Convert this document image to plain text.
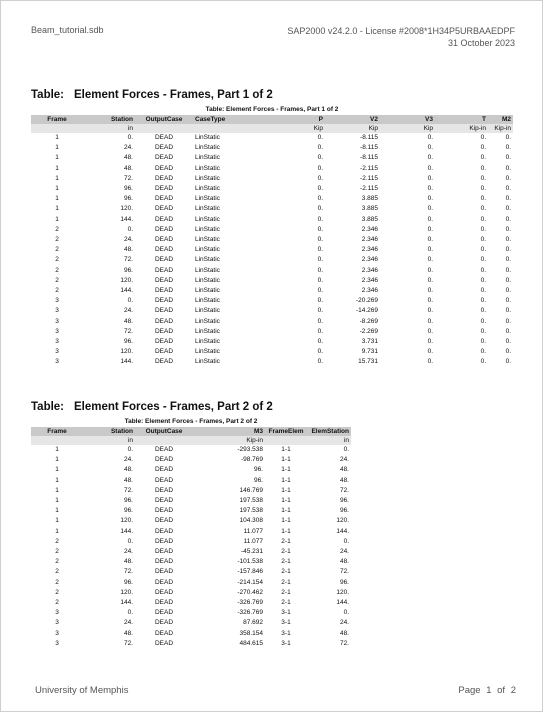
Beam_tutorial.sdb	SAP2000 v24.2.0 - License #2008*1H34P5URBAAEDPF
31 October 2023
Table: Element Forces - Frames, Part 1 of 2
Table: Element Forces - Frames, Part 1 of 2
Frame	Station	OutputCase	CaseType	P	V2	V3	T	M2
	in			Kip	Kip	Kip	Kip-in	Kip-in
1	0.	DEAD	LinStatic	0.	-8.115	0.	0.	0.
1	24.	DEAD	LinStatic	0.	-8.115	0.	0.	0.
1	48.	DEAD	LinStatic	0.	-8.115	0.	0.	0.
1	48.	DEAD	LinStatic	0.	-2.115	0.	0.	0.
1	72.	DEAD	LinStatic	0.	-2.115	0.	0.	0.
1	96.	DEAD	LinStatic	0.	-2.115	0.	0.	0.
1	96.	DEAD	LinStatic	0.	3.885	0.	0.	0.
1	120.	DEAD	LinStatic	0.	3.885	0.	0.	0.
1	144.	DEAD	LinStatic	0.	3.885	0.	0.	0.
2	0.	DEAD	LinStatic	0.	2.346	0.	0.	0.
2	24.	DEAD	LinStatic	0.	2.346	0.	0.	0.
2	48.	DEAD	LinStatic	0.	2.346	0.	0.	0.
2	72.	DEAD	LinStatic	0.	2.346	0.	0.	0.
2	96.	DEAD	LinStatic	0.	2.346	0.	0.	0.
2	120.	DEAD	LinStatic	0.	2.346	0.	0.	0.
2	144.	DEAD	LinStatic	0.	2.346	0.	0.	0.
3	0.	DEAD	LinStatic	0.	-20.269	0.	0.	0.
3	24.	DEAD	LinStatic	0.	-14.269	0.	0.	0.
3	48.	DEAD	LinStatic	0.	-8.269	0.	0.	0.
3	72.	DEAD	LinStatic	0.	-2.269	0.	0.	0.
3	96.	DEAD	LinStatic	0.	3.731	0.	0.	0.
3	120.	DEAD	LinStatic	0.	9.731	0.	0.	0.
3	144.	DEAD	LinStatic	0.	15.731	0.	0.	0.
Table: Element Forces - Frames, Part 2 of 2
Table: Element Forces - Frames, Part 2 of 2
Frame	Station	OutputCase	M3	FrameElem	ElemStation
	in		Kip-in		in
1	0.	DEAD	-293.538	1-1	0.
1	24.	DEAD	-98.769	1-1	24.
1	48.	DEAD	96.	1-1	48.
1	48.	DEAD	96.	1-1	48.
1	72.	DEAD	146.769	1-1	72.
1	96.	DEAD	197.538	1-1	96.
1	96.	DEAD	197.538	1-1	96.
1	120.	DEAD	104.308	1-1	120.
1	144.	DEAD	11.077	1-1	144.
2	0.	DEAD	11.077	2-1	0.
2	24.	DEAD	-45.231	2-1	24.
2	48.	DEAD	-101.538	2-1	48.
2	72.	DEAD	-157.846	2-1	72.
2	96.	DEAD	-214.154	2-1	96.
2	120.	DEAD	-270.462	2-1	120.
2	144.	DEAD	-326.769	2-1	144.
3	0.	DEAD	-326.769	3-1	0.
3	24.	DEAD	87.692	3-1	24.
3	48.	DEAD	358.154	3-1	48.
3	72.	DEAD	484.615	3-1	72.
University of Memphis	Page 1 of 2
